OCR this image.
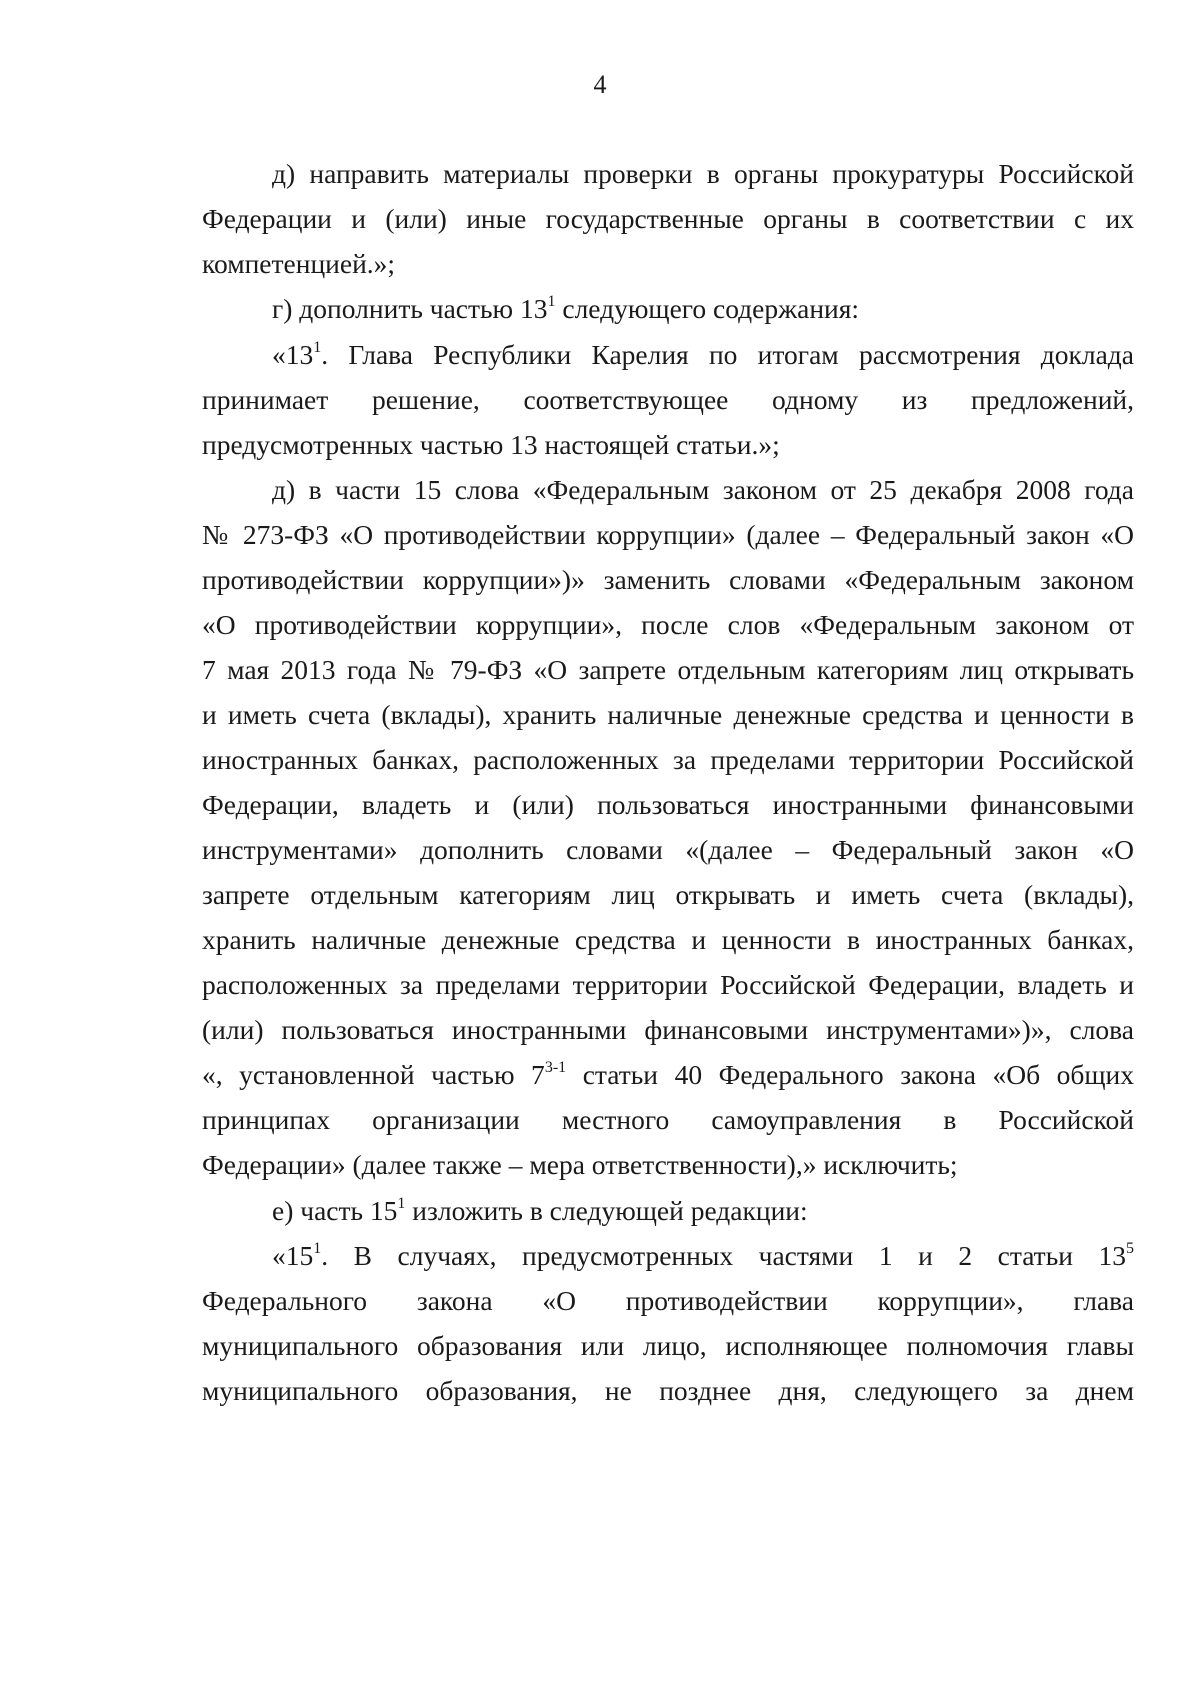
4
д) направить материалы проверки в органы прокуратуры Российской
Федерации и (или) иные государственные органы в соответствии с их
компетенцией.»;
г) дополнить частью $13^1$ следующего содержания:
«$13^1$. Глава Республики Карелия по итогам рассмотрения доклада
принимает решение, соответствующее одному из предложений,
предусмотренных частью 13 настоящей статьи.»;
д) в части 15 слова «Федеральным законом от 25 декабря 2008 года
№ 273-ФЗ «О противодействии коррупции» (далее – Федеральный закон «О
противодействии коррупции»)» заменить словами «Федеральным законом
«О противодействии коррупции», после слов «Федеральным законом от
7 мая 2013 года № 79-ФЗ «О запрете отдельным категориям лиц открывать
и иметь счета (вклады), хранить наличные денежные средства и ценности в
иностранных банках, расположенных за пределами территории Российской
Федерации, владеть и (или) пользоваться иностранными финансовыми
инструментами» дополнить словами «(далее – Федеральный закон «О
запрете отдельным категориям лиц открывать и иметь счета (вклады),
хранить наличные денежные средства и ценности в иностранных банках,
расположенных за пределами территории Российской Федерации, владеть и
(или) пользоваться иностранными финансовыми инструментами»)», слова
«, установленной частью 7$^{3-1}$ статьи 40 Федерального закона «Об общих
принципах организации местного самоуправления в Российской
Федерации» (далее также – мера ответственности),» исключить;
е) часть $15^1$ изложить в следующей редакции:
«$15^1$. В случаях, предусмотренных частями 1 и 2 статьи $13^5$
Федерального закона «О противодействии коррупции», глава
муниципального образования или лицо, исполняющее полномочия главы
муниципального образования, не позднее дня, следующего за днем
